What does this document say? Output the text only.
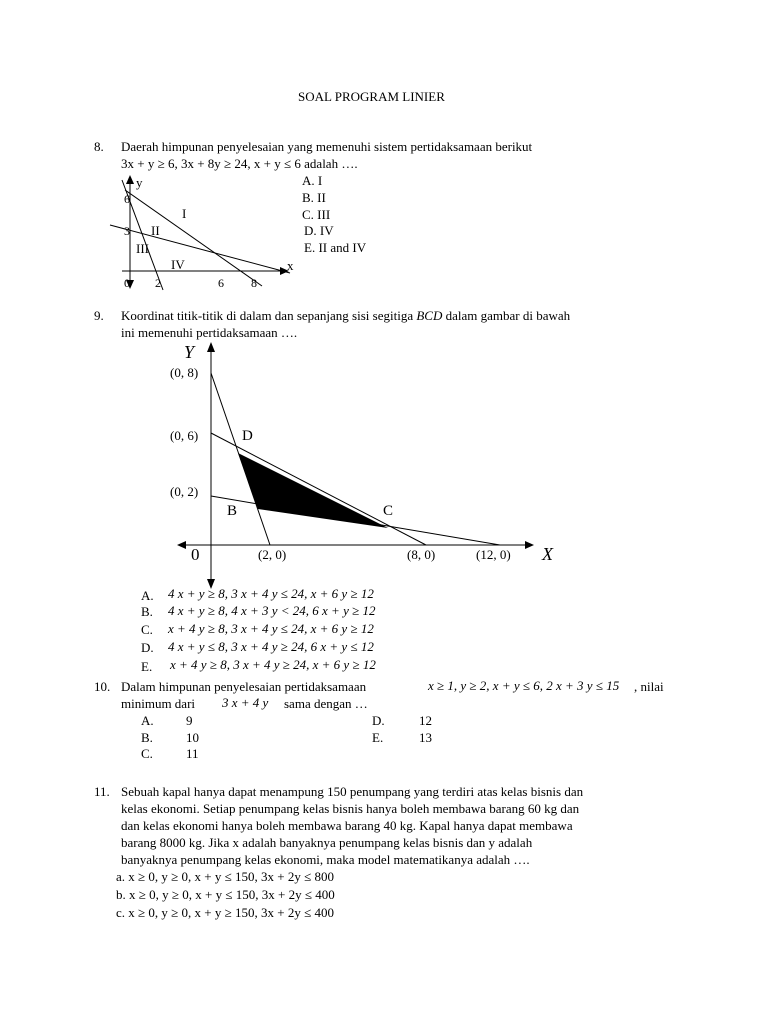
SOAL PROGRAM LINIER
8. Daerah himpunan penyelesaian yang memenuhi sistem pertidaksamaan berikut
3x + y ≥ 6, 3x + 8y ≥ 24, x + y ≤ 6 adalah ….
A. I
B. II
C. III
D. IV
E. II and IV
y
x
I
II
III
IV
6
3
0 2	6 8
9. Koordinat titik-titik di dalam dan sepanjang sisi segitiga BCD dalam gambar di bawah
ini memenuhi pertidaksamaan ….
Y
X
0
(0, 8)
(0, 6)
(0, 2)
(2, 0)	(8, 0)	(12, 0)
D
B	C
A. 4 x + y ≥ 8, 3 x + 4 y ≤ 24, x + 6 y ≥ 12
B. 4 x + y ≥ 8, 4 x + 3 y < 24, 6 x + y ≥ 12
C. x + 4 y ≥ 8, 3 x + 4 y ≤ 24, x + 6 y ≥ 12
D. 4 x + y ≤ 8, 3 x + 4 y ≥ 24, 6 x + y ≤ 12
E. x + 4 y ≥ 8, 3 x + 4 y ≥ 24, x + 6 y ≥ 12
10. Dalam himpunan penyelesaian pertidaksamaan	x ≥ 1, y ≥ 2, x + y ≤ 6, 2 x + 3 y ≤ 15 , nilai
minimum dari 3 x + 4 y sama dengan …
A. 9
B.	10
C.	11
D.	12
E.	13
11. Sebuah kapal hanya dapat menampung 150 penumpang yang terdiri atas kelas bisnis dan
kelas ekonomi. Setiap penumpang kelas bisnis hanya boleh membawa barang 60 kg dan
dan kelas ekonomi hanya boleh membawa barang 40 kg. Kapal hanya dapat membawa
barang 8000 kg. Jika x adalah banyaknya penumpang kelas bisnis dan y adalah
banyaknya penumpang kelas ekonomi, maka model matematikanya adalah ….
a. x ≥ 0, y ≥ 0, x + y ≤ 150, 3x + 2y ≤ 800
b. x ≥ 0, y ≥ 0, x + y ≤ 150, 3x + 2y ≤ 400
c. x ≥ 0, y ≥ 0, x + y ≥ 150, 3x + 2y ≤ 400
